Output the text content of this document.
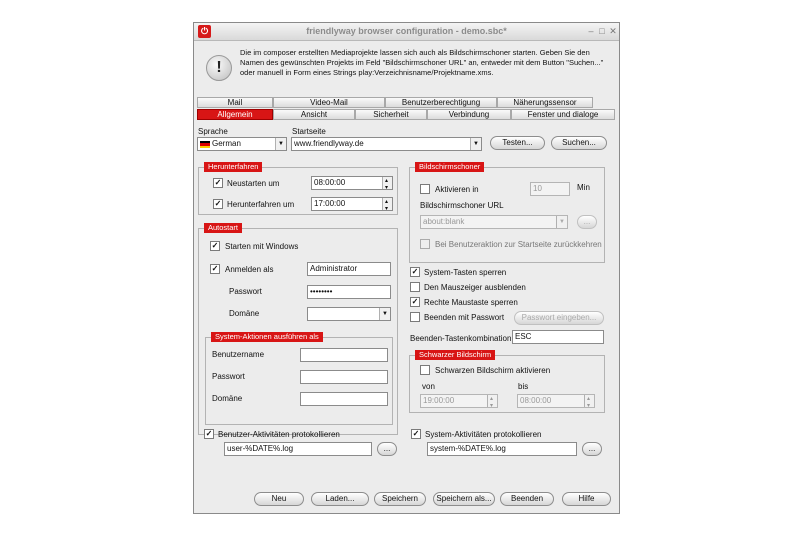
⏻	friendlyway browser configuration - demo.sbc*	– □ ✕
!
Die im composer erstellten Mediaprojekte lassen sich auch als Bildschirmschoner starten. Geben Sie den Namen des gewünschten Projekts im Feld "Bildschirmschoner URL" an, entweder mit dem Button "Suchen..." oder manuell in Form eines Strings play:Verzeichnisname/Projektname.xms.
Mail	Video-Mail	Benutzerberechtigung	Näherungssensor
Allgemein	Ansicht	Sicherheit	Verbindung	Fenster und dialoge
Sprache
German	▼
Startseite
www.friendlyway.de	▼	Testen...	Suchen...
Herunterfahren
✓
Neustarten um	08:00:00
▴ ▾
✓
Herunterfahren um	17:00:00
▴ ▾
Autostart
✓
Starten mit Windows
✓
Anmelden als	Administrator
Passwort	••••••••
Domäne	▼
System-Aktionen ausführen als
Benutzername
Passwort
Domäne
Bildschirmschoner
Aktivieren in	10	Min
Bildschirmschoner URL
about:blank	▼	...
Bei Benutzeraktion zur Startseite zurückkehren
✓
System-Tasten sperren
Den Mauszeiger ausblenden
✓
Rechte Maustaste sperren
Beenden mit Passwort	Passwort eingeben...
Beenden-Tastenkombination ESC
Schwarzer Bildschirm
Schwarzen Bildschirm aktivieren
von
19:00:00
▴ ▾
bis
08:00:00
▴ ▾
✓
Benutzer-Aktivitäten protokollieren
user-%DATE%.log	...
✓
System-Aktivitäten protokollieren
system-%DATE%.log	...
Neu	Laden...	Speichern	Speichern als...	Beenden	Hilfe
